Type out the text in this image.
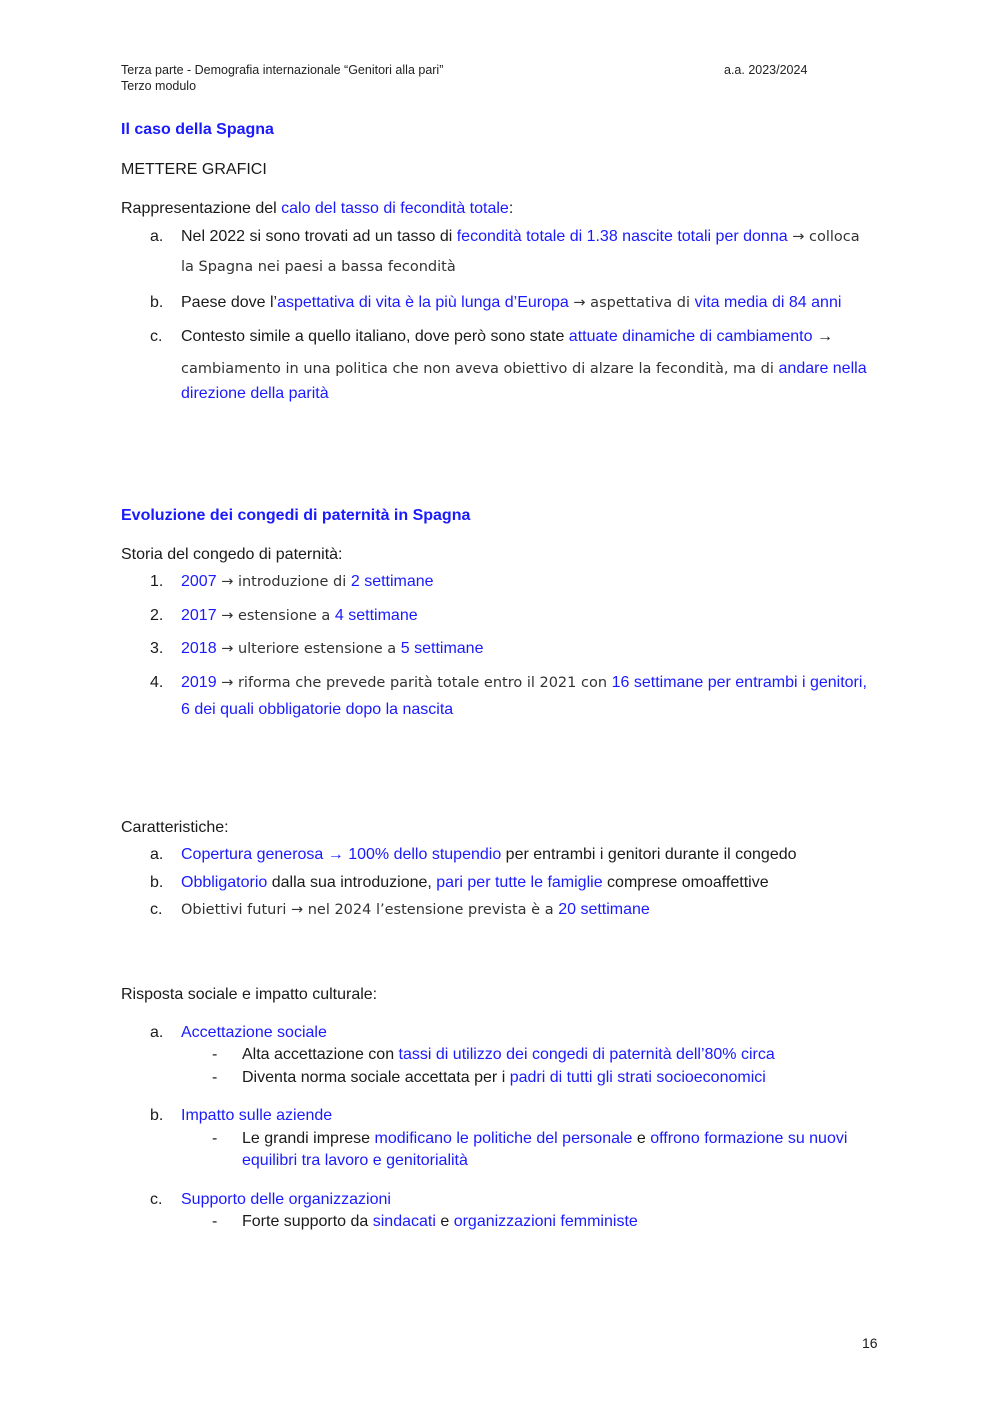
Terza parte - Demografia internazionale “Genitori alla pari”
Terzo modulo
a.a. 2023/2024
Il caso della Spagna
METTERE GRAFICI
Rappresentazione del calo del tasso di fecondità totale:
a. Nel 2022 si sono trovati ad un tasso di fecondità totale di 1.38 nascite totali per donna → colloca
la Spagna nei paesi a bassa fecondità
b. Paese dove l’aspettativa di vita è la più lunga d’Europa → aspettativa di vita media di 84 anni
c. Contesto simile a quello italiano, dove però sono state attuate dinamiche di cambiamento →
cambiamento in una politica che non aveva obiettivo di alzare la fecondità, ma di andare nella
direzione della parità
Evoluzione dei congedi di paternità in Spagna
Storia del congedo di paternità:
1. 2007 → introduzione di 2 settimane
2. 2017 → estensione a 4 settimane
3. 2018 → ulteriore estensione a 5 settimane
4. 2019 → riforma che prevede parità totale entro il 2021 con 16 settimane per entrambi i genitori,
6 dei quali obbligatorie dopo la nascita
Caratteristiche:
a. Copertura generosa → 100% dello stupendio per entrambi i genitori durante il congedo
b. Obbligatorio dalla sua introduzione, pari per tutte le famiglie comprese omoaffettive
c. Obiettivi futuri → nel 2024 l’estensione prevista è a 20 settimane
Risposta sociale e impatto culturale:
a. Accettazione sociale
- Alta accettazione con tassi di utilizzo dei congedi di paternità dell’80% circa
- Diventa norma sociale accettata per i padri di tutti gli strati socioeconomici
b. Impatto sulle aziende
- Le grandi imprese modificano le politiche del personale e offrono formazione su nuovi
equilibri tra lavoro e genitorialità
c. Supporto delle organizzazioni
- Forte supporto da sindacati e organizzazioni femministe
16
